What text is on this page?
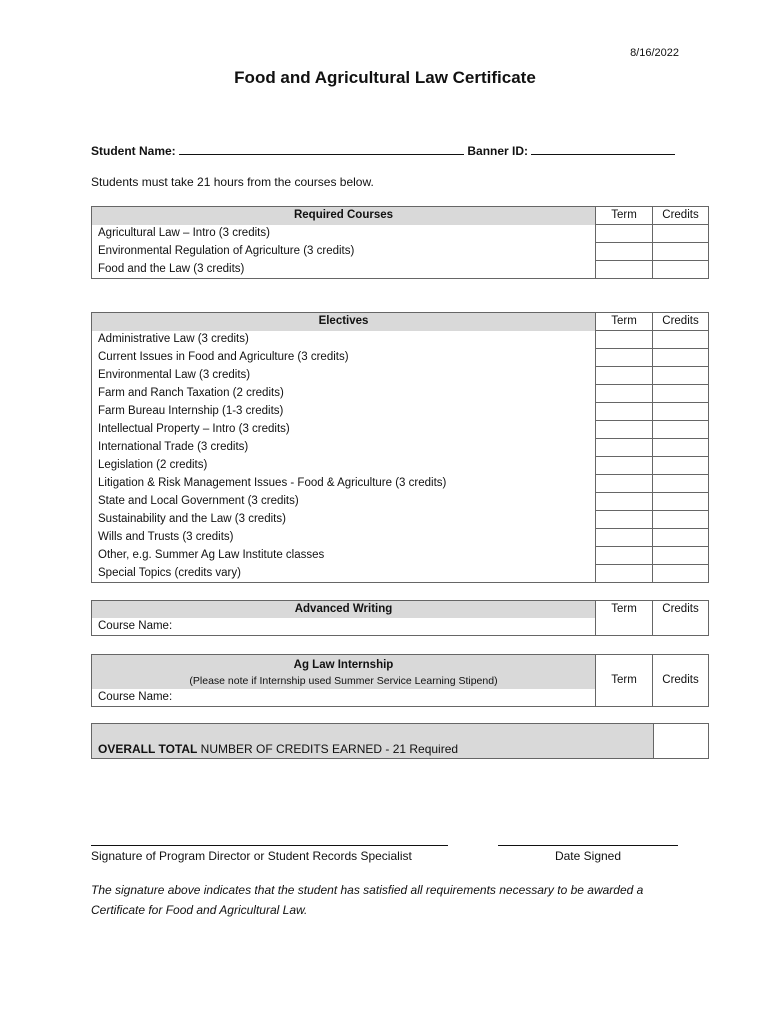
8/16/2022
Food and Agricultural Law Certificate
Student Name:	Banner ID:
Students must take 21 hours from the courses below.
Required Courses	Term	Credits
Agricultural Law – Intro (3 credits)		
Environmental Regulation of Agriculture (3 credits)		
Food and the Law (3 credits)		
Electives	Term	Credits
Administrative Law (3 credits)		
Current Issues in Food and Agriculture (3 credits)		
Environmental Law (3 credits)		
Farm and Ranch Taxation (2 credits)		
Farm Bureau Internship (1-3 credits)		
Intellectual Property – Intro (3 credits)		
International Trade (3 credits)		
Legislation (2 credits)		
Litigation & Risk Management Issues - Food & Agriculture (3 credits)		
State and Local Government (3 credits)		
Sustainability and the Law (3 credits)		
Wills and Trusts (3 credits)		
Other, e.g. Summer Ag Law Institute classes		
Special Topics (credits vary)		
Advanced Writing	Term	Credits
Course Name:
Ag Law Internship
(Please note if Internship used Summer Service Learning Stipend)	Term	Credits
Course Name:
OVERALL TOTAL NUMBER OF CREDITS EARNED - 21 Required
Signature of Program Director or Student Records Specialist	Date Signed
The signature above indicates that the student has satisfied all requirements necessary to be awarded a Certificate for Food and Agricultural Law.
